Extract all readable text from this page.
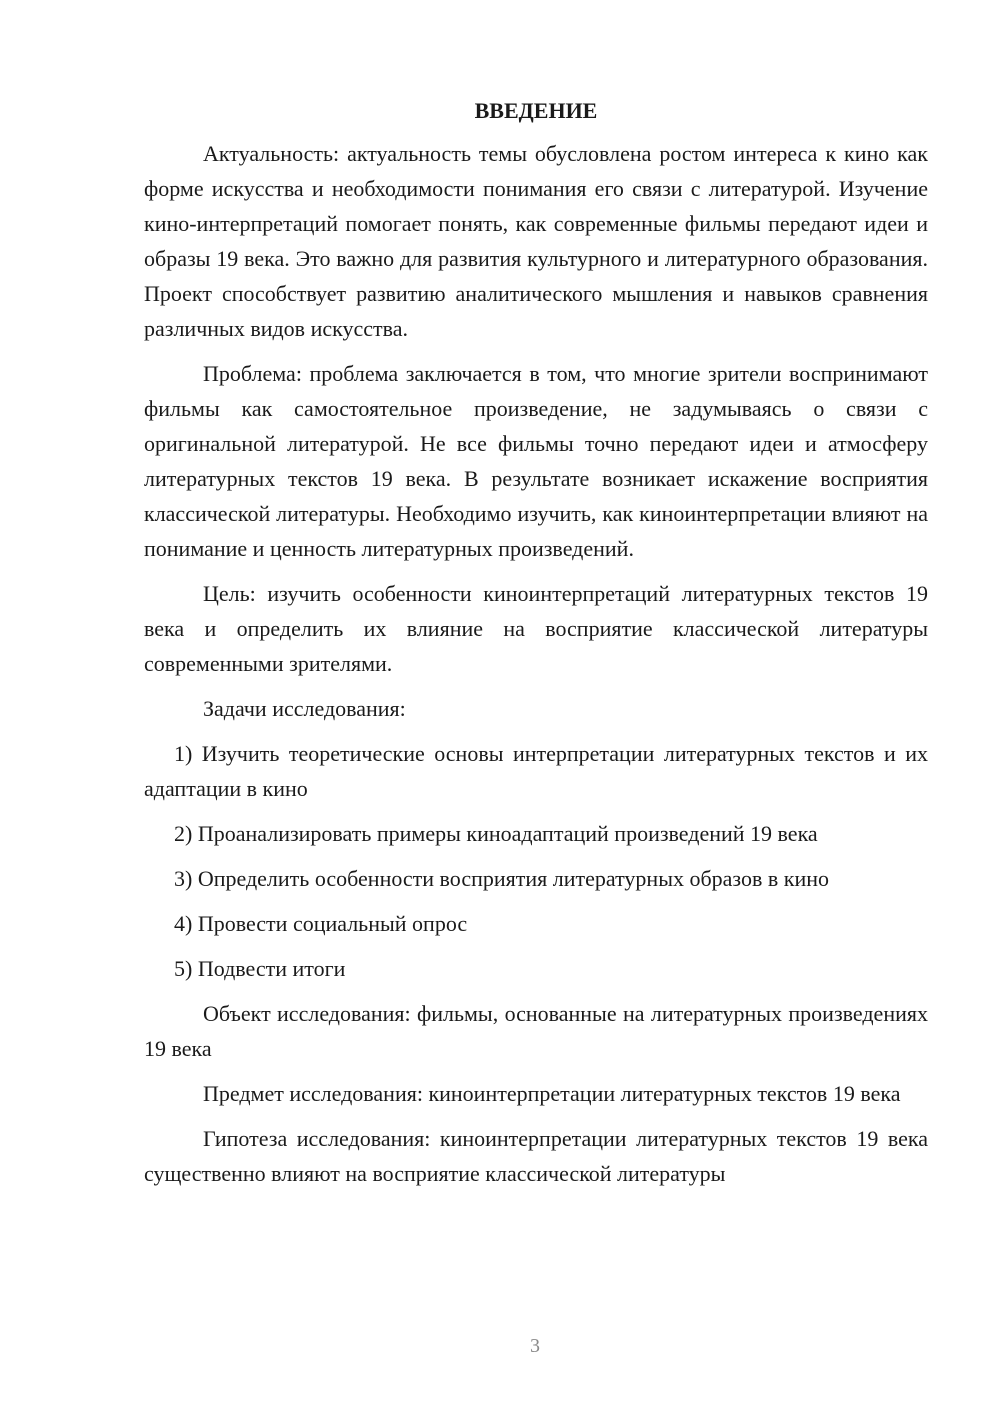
ВВЕДЕНИЕ

Актуальность: актуальность темы обусловлена ростом интереса к кино как форме искусства и необходимости понимания его связи с литературой. Изучение кино-интерпретаций помогает понять, как современные фильмы передают идеи и образы 19 века. Это важно для развития культурного и литературного образования. Проект способствует развитию аналитического мышления и навыков сравнения различных видов искусства.

Проблема: проблема заключается в том, что многие зрители воспринимают фильмы как самостоятельное произведение, не задумываясь о связи с оригинальной литературой. Не все фильмы точно передают идеи и атмосферу литературных текстов 19 века. В результате возникает искажение восприятия классической литературы. Необходимо изучить, как киноинтерпретации влияют на понимание и ценность литературных произведений.

Цель: изучить особенности киноинтерпретаций литературных текстов 19 века и определить их влияние на восприятие классической литературы современными зрителями.

Задачи исследования:

1) Изучить теоретические основы интерпретации литературных текстов и их адаптации в кино
2) Проанализировать примеры киноадаптаций произведений 19 века
3) Определить особенности восприятия литературных образов в кино
4) Провести социальный опрос
5) Подвести итоги

Объект исследования: фильмы, основанные на литературных произведениях 19 века

Предмет исследования: киноинтерпретации литературных текстов 19 века

Гипотеза исследования: киноинтерпретации литературных текстов 19 века существенно влияют на восприятие классической литературы

3
